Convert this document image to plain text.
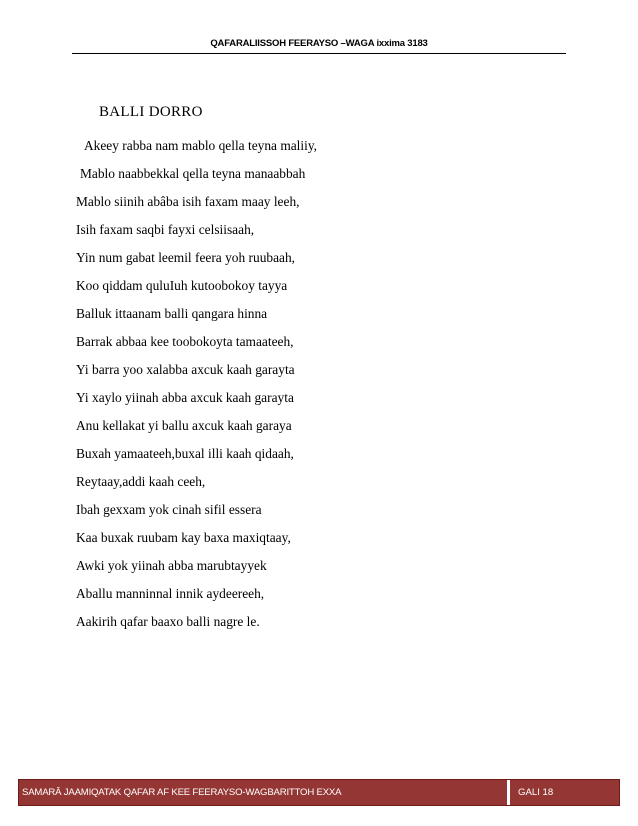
QAFARALIISSOH FEERAYSO –WAGA ixxima 3183
BALLI DORRO
Akeey rabba nam mablo qella teyna maliiy,
Mablo naabbekkal qella teyna manaabbah
Mablo siinih abâba isih faxam maay leeh,
Isih faxam saqbi fayxi celsiisaah,
Yin num gabat leemil feera yoh ruubaah,
Koo qiddam quluIuh kutoobokoy tayya
Balluk ittaanam balli qangara hinna
Barrak abbaa kee toobokoyta tamaateeh,
Yi barra yoo xalabba axcuk kaah garayta
Yi xaylo yiinah abba axcuk kaah garayta
Anu kellakat yi ballu axcuk kaah garaya
Buxah yamaateeh,buxal illi kaah qidaah,
Reytaay,addi kaah ceeh,
Ibah gexxam yok cinah sifil essera
Kaa buxak ruubam kay baxa maxiqtaay,
Awki yok yiinah abba marubtayyek
Aballu manninnal innik aydeereeh,
Aakirih qafar baaxo balli nagre le.
SAMARÂ JAAMIQATAK QAFAR AF KEE FEERAYSO-WAGBARITTOH EXXA	GALI 18
